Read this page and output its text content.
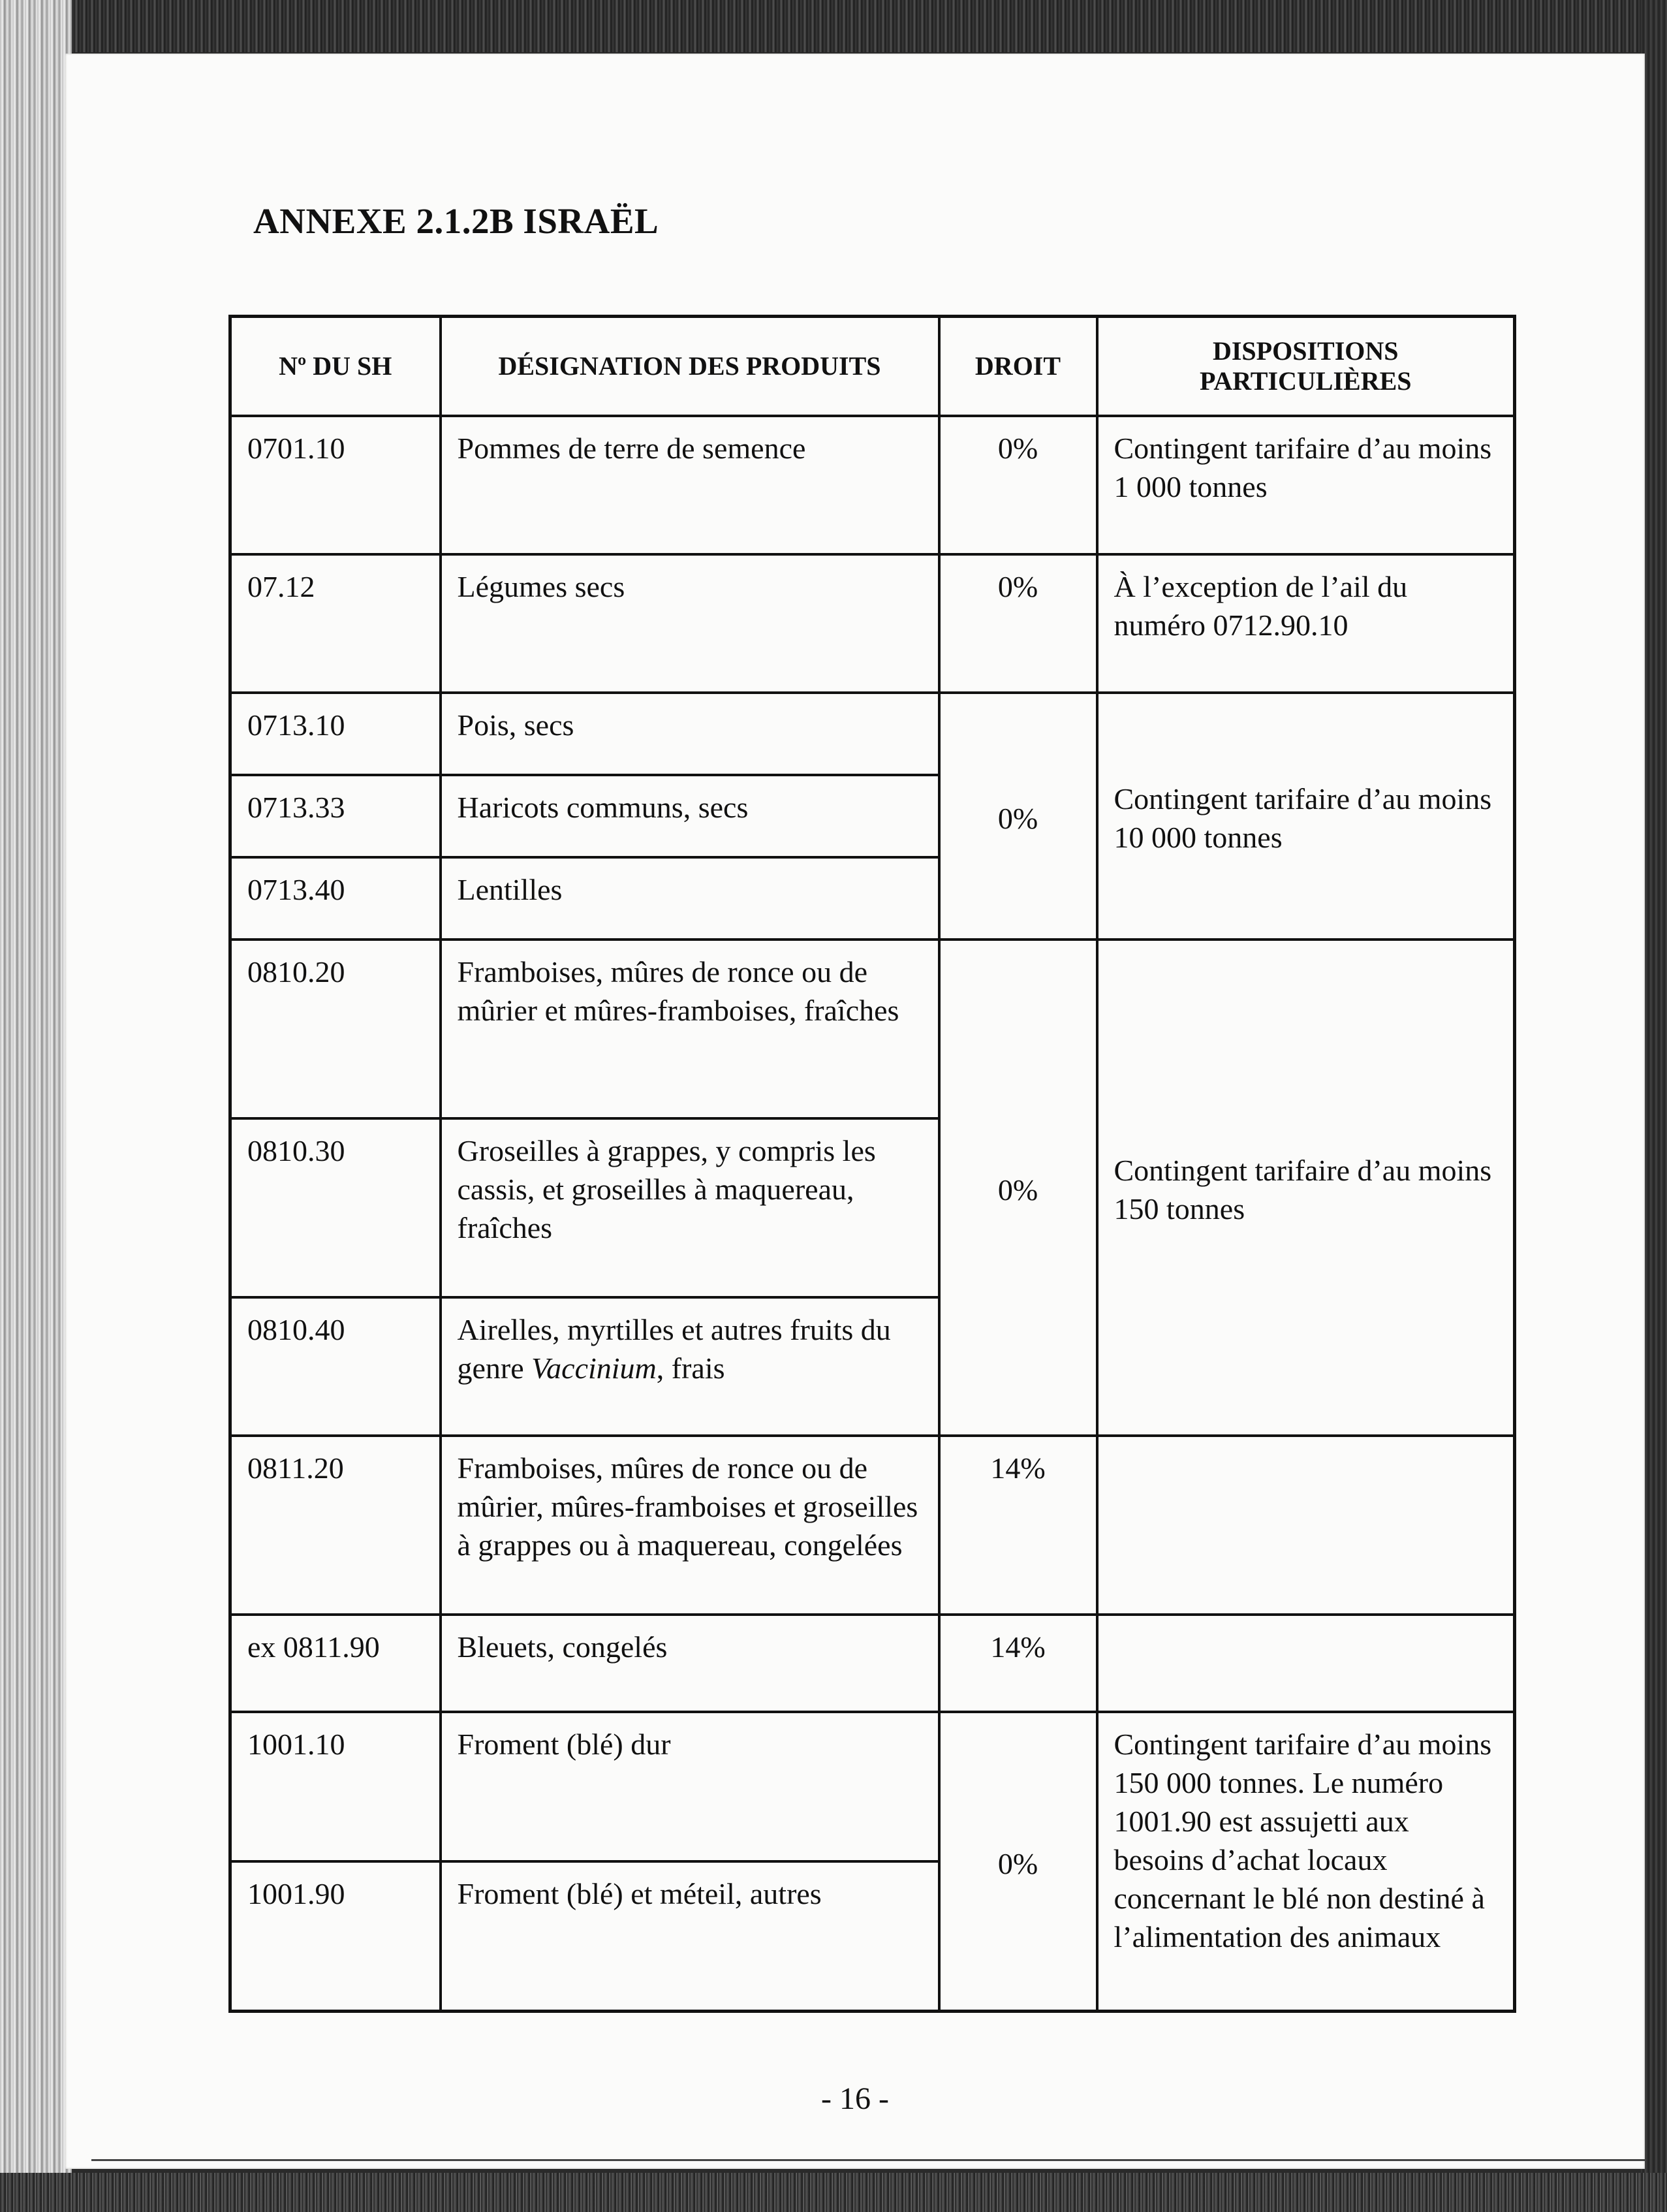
ANNEXE 2.1.2B ISRAËL
Nº DU SH	DÉSIGNATION DES PRODUITS	DROIT	DISPOSITIONS PARTICULIÈRES
0701.10	Pommes de terre de semence	0%	Contingent tarifaire d’au moins 1 000 tonnes
07.12	Légumes secs	0%	À l’exception de l’ail du numéro 0712.90.10
0713.10	Pois, secs	0%	Contingent tarifaire d’au moins 10 000 tonnes
0713.33	Haricots communs, secs		
0713.40	Lentilles		
0810.20	Framboises, mûres de ronce ou de mûrier et mûres-framboises, fraîches	0%	Contingent tarifaire d’au moins 150 tonnes
0810.30	Groseilles à grappes, y compris les cassis, et groseilles à maquereau, fraîches		
0810.40	Airelles, myrtilles et autres fruits du genre Vaccinium, frais		
0811.20	Framboises, mûres de ronce ou de mûrier, mûres-framboises et groseilles à grappes ou à maquereau, congelées	14%	
ex 0811.90	Bleuets, congelés	14%	
1001.10	Froment (blé) dur	0%	Contingent tarifaire d’au moins 150 000 tonnes. Le numéro 1001.90 est assujetti aux besoins d’achat locaux concernant le blé non destiné à l’alimentation des animaux
1001.90	Froment (blé) et méteil, autres		

- 16 -
